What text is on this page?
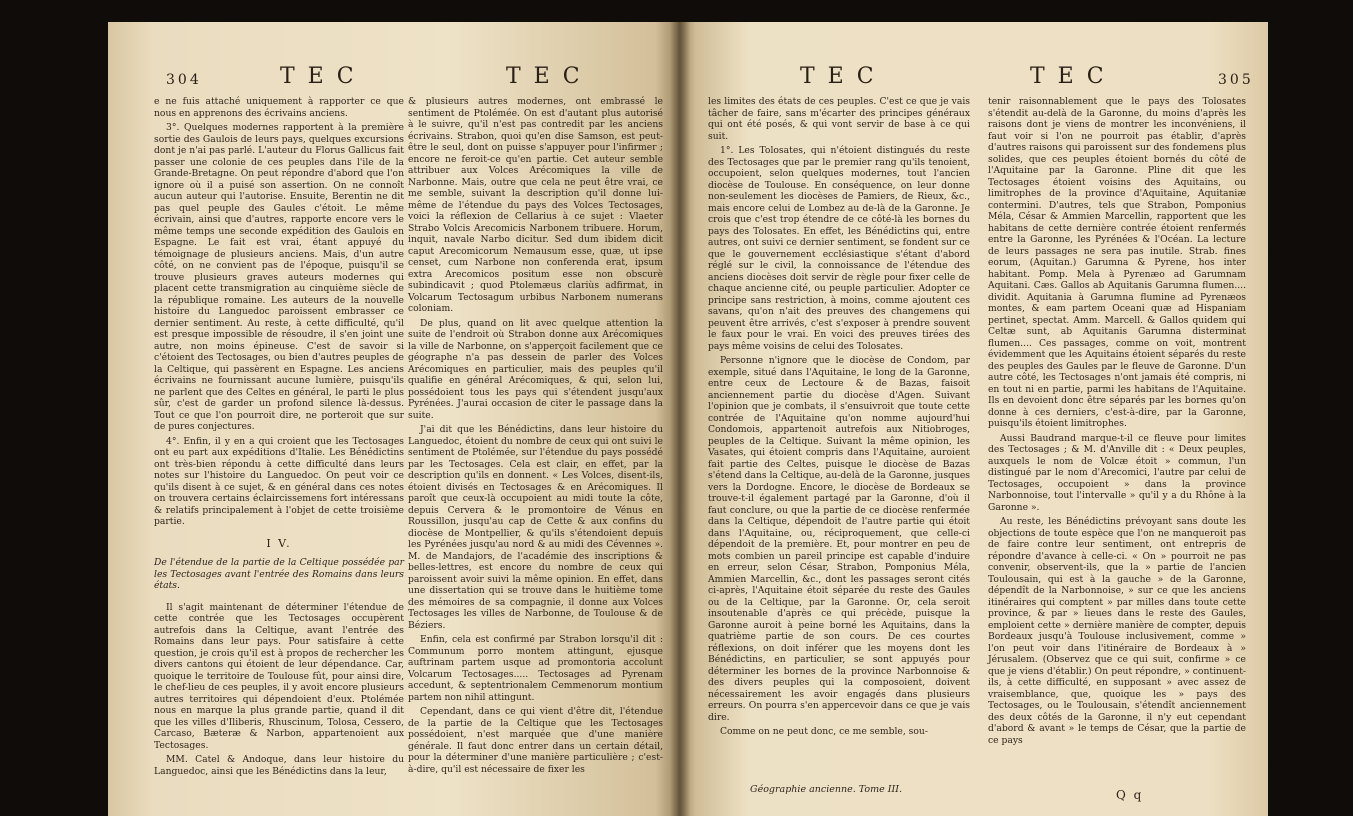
304	T E C	T E C

e ne fuis attaché uniquement à rapporter ce que nous en apprenons des écrivains anciens.

3°. Quelques modernes rapportent à la première sortie des Gaulois de leurs pays, quelques excursions dont je n'ai pas parlé. L'auteur du Florus Gallicus fait passer une colonie de ces peuples dans l'ile de la Grande-Bretagne. On peut répondre d'abord que l'on ignore où il a puisé son assertion. On ne connoît aucun auteur qui l'autorise. Ensuite, Berentin ne dit pas quel peuple des Gaules c'étoit. Le même écrivain, ainsi que d'autres, rapporte encore vers le même temps une seconde expédition des Gaulois en Espagne. Le fait est vrai, étant appuyé du témoignage de plusieurs anciens. Mais, d'un autre côté, on ne convient pas de l'époque, puisqu'il se trouve plusieurs graves auteurs modernes qui placent cette transmigration au cinquième siècle de la république romaine. Les auteurs de la nouvelle histoire du Languedoc paroissent embrasser ce dernier sentiment. Au reste, à cette difficulté, qu'il est presque impossible de résoudre, il s'en joint une autre, non moins épineuse. C'est de savoir si c'étoient des Tectosages, ou bien d'autres peuples de la Celtique, qui passèrent en Espagne. Les anciens écrivains ne fournissant aucune lumière, puisqu'ils ne parlent que des Celtes en général, le parti le plus sûr, c'est de garder un profond silence là-dessus. Tout ce que l'on pourroit dire, ne porteroit que sur de pures conjectures.

4°. Enfin, il y en a qui croient que les Tectosages ont eu part aux expéditions d'Italie. Les Bénédictins ont très-bien répondu à cette difficulté dans leurs notes sur l'histoire du Languedoc. On peut voir ce qu'ils disent à ce sujet, & en général dans ces notes on trouvera certains éclaircissemens fort intéressans & relatifs principalement à l'objet de cette troisième partie.

I V.

De l'étendue de la partie de la Celtique possédée par les Tectosages avant l'entrée des Romains dans leurs états.

Il s'agit maintenant de déterminer l'étendue de cette contrée que les Tectosages occupèrent autrefois dans la Celtique, avant l'entrée des Romains dans leur pays. Pour satisfaire à cette question, je crois qu'il est à propos de rechercher les divers cantons qui étoient de leur dépendance. Car, quoique le territoire de Toulouse fût, pour ainsi dire, le chef-lieu de ces peuples, il y avoit encore plusieurs autres territoires qui dépendoient d'eux. Ptolémée nous en marque la plus grande partie, quand il dit que les villes d'Iliberis, Rhuscinum, Tolosa, Cessero, Carcaso, Bæteræ & Narbon, appartenoient aux Tectosages.

MM. Catel & Andoque, dans leur histoire du Languedoc, ainsi que les Bénédictins dans la leur,

& plusieurs autres modernes, ont embrassé le sentiment de Ptolémée. On est d'autant plus autorisé à le suivre, qu'il n'est pas contredit par les anciens écrivains. Strabon, quoi qu'en dise Samson, est peut-être le seul, dont on puisse s'appuyer pour l'infirmer ; encore ne feroit-ce qu'en partie. Cet auteur semble attribuer aux Volces Arécomiques la ville de Narbonne. Mais, outre que cela ne peut être vrai, ce me semble, suivant la description qu'il donne lui-même de l'étendue du pays des Volces Tectosages, voici la réflexion de Cellarius à ce sujet : Vlaeter Strabo Volcis Arecomicis Narbonem tribuere. Horum, inquit, navale Narbo dicitur. Sed dum ibidem dicit caput Arecomicorum Nemausum esse, quæ, ut ipse censet, cum Narbone non conferenda erat, ipsum extra Arecomicos positum esse non obscurè subindicavit ; quod Ptolemæus clariùs adfirmat, in Volcarum Tectosagum urbibus Narbonem numerans coloniam.

De plus, quand on lit avec quelque attention la suite de l'endroit où Strabon donne aux Arécomiques la ville de Narbonne, on s'apperçoit facilement que ce géographe n'a pas dessein de parler des Volces Arécomiques en particulier, mais des peuples qu'il qualifie en général Arécomiques, & qui, selon lui, possédoient tous les pays qui s'étendent jusqu'aux Pyrénées. J'aurai occasion de citer le passage dans la suite.

J'ai dit que les Bénédictins, dans leur histoire du Languedoc, étoient du nombre de ceux qui ont suivi le sentiment de Ptolémée, sur l'étendue du pays possédé par les Tectosages. Cela est clair, en effet, par la description qu'ils en donnent. « Les Volces, disent-ils, étoient divisés en Tectosages & en Arécomiques. Il paroît que ceux-là occupoient au midi toute la côte, depuis Cervera & le promontoire de Vénus en Roussillon, jusqu'au cap de Cette & aux confins du diocèse de Montpellier, & qu'ils s'étendoient depuis les Pyrénées jusqu'au nord & au midi des Cévennes ». M. de Mandajors, de l'académie des inscriptions & belles-lettres, est encore du nombre de ceux qui paroissent avoir suivi la même opinion. En effet, dans une dissertation qui se trouve dans le huitième tome des mémoires de sa compagnie, il donne aux Volces Tectosages les villes de Narbonne, de Toulouse & de Béziers.

Enfin, cela est confirmé par Strabon lorsqu'il dit : Communum porro montem attingunt, ejusque auftrinam partem usque ad promontoria accolunt Volcarum Tectosages..... Tectosages ad Pyrenam accedunt, & septentrionalem Cemmenorum montium partem non nihil attingunt.

Cependant, dans ce qui vient d'être dit, l'étendue de la partie de la Celtique que les Tectosages possédoient, n'est marquée que d'une manière générale. Il faut donc entrer dans un certain détail, pour la déterminer d'une manière particulière ; c'est-à-dire, qu'il est nécessaire de fixer les

T E C	T E C	305

les limites des états de ces peuples. C'est ce que je vais tâcher de faire, sans m'écarter des principes généraux qui ont été posés, & qui vont servir de base à ce qui suit.

1°. Les Tolosates, qui n'étoient distingués du reste des Tectosages que par le premier rang qu'ils tenoient, occupoient, selon quelques modernes, tout l'ancien diocèse de Toulouse. En conséquence, on leur donne non-seulement les diocèses de Pamiers, de Rieux, &c., mais encore celui de Lombez au de-là de la Garonne. Je crois que c'est trop étendre de ce côté-là les bornes du pays des Tolosates. En effet, les Bénédictins qui, entre autres, ont suivi ce dernier sentiment, se fondent sur ce que le gouvernement ecclésiastique s'étant d'abord réglé sur le civil, la connoissance de l'étendue des anciens diocèses doit servir de règle pour fixer celle de chaque ancienne cité, ou peuple particulier. Adopter ce principe sans restriction, à moins, comme ajoutent ces savans, qu'on n'ait des preuves des changemens qui peuvent être arrivés, c'est s'exposer à prendre souvent le faux pour le vrai. En voici des preuves tirées des pays même voisins de celui des Tolosates.

Personne n'ignore que le diocèse de Condom, par exemple, situé dans l'Aquitaine, le long de la Garonne, entre ceux de Lectoure & de Bazas, faisoit anciennement partie du diocèse d'Agen. Suivant l'opinion que je combats, il s'ensuivroit que toute cette contrée de l'Aquitaine qu'on nomme aujourd'hui Condomois, appartenoit autrefois aux Nitiobroges, peuples de la Celtique. Suivant la même opinion, les Vasates, qui étoient compris dans l'Aquitaine, auroient fait partie des Celtes, puisque le diocèse de Bazas s'étend dans la Celtique, au-delà de la Garonne, jusques vers la Dordogne. Encore, le diocèse de Bordeaux se trouve-t-il également partagé par la Garonne, d'où il faut conclure, ou que la partie de ce diocèse renfermée dans la Celtique, dépendoit de l'autre partie qui étoit dans l'Aquitaine, ou, réciproquement, que celle-ci dépendoit de la première. Et, pour montrer en peu de mots combien un pareil principe est capable d'induire en erreur, selon César, Strabon, Pomponius Méla, Ammien Marcellin, &c., dont les passages seront cités ci-après, l'Aquitaine étoit séparée du reste des Gaules ou de la Celtique, par la Garonne. Or, cela seroit insoutenable d'après ce qui précède, puisque la Garonne auroit à peine borné les Aquitains, dans la quatrième partie de son cours. De ces courtes réflexions, on doit inférer que les moyens dont les Bénédictins, en particulier, se sont appuyés pour déterminer les bornes de la province Narbonnoise & des divers peuples qui la composoient, doivent nécessairement les avoir engagés dans plusieurs erreurs. On pourra s'en appercevoir dans ce que je vais dire.

Comme on ne peut donc, ce me semble, sou-

tenir raisonnablement que le pays des Tolosates s'étendit au-delà de la Garonne, du moins d'après les raisons dont je viens de montrer les inconvéniens, il faut voir si l'on ne pourroit pas établir, d'après d'autres raisons qui paroissent sur des fondemens plus solides, que ces peuples étoient bornés du côté de l'Aquitaine par la Garonne. Pline dit que les Tectosages étoient voisins des Aquitains, ou limitrophes de la province d'Aquitaine, Aquitaniæ contermini. D'autres, tels que Strabon, Pomponius Méla, César & Ammien Marcellin, rapportent que les habitans de cette dernière contrée étoient renfermés entre la Garonne, les Pyrénées & l'Océan. La lecture de leurs passages ne sera pas inutile. Strab. fines eorum, (Aquitan.) Garumna & Pyrene, hos inter habitant. Pomp. Mela à Pyrenæo ad Garumnam Aquitani. Cæs. Gallos ab Aquitanis Garumna flumen.... dividit. Aquitania à Garumna flumine ad Pyrenæos montes, & eam partem Oceani quæ ad Hispaniam pertinet, spectat. Amm. Marcell. & Gallos quidem qui Celtæ sunt, ab Aquitanis Garumna disterminat flumen.... Ces passages, comme on voit, montrent évidemment que les Aquitains étoient séparés du reste des peuples des Gaules par le fleuve de Garonne. D'un autre côté, les Tectosages n'ont jamais été compris, ni en tout ni en partie, parmi les habitans de l'Aquitaine. Ils en devoient donc être séparés par les bornes qu'on donne à ces derniers, c'est-à-dire, par la Garonne, puisqu'ils étoient limitrophes.

Aussi Baudrand marque-t-il ce fleuve pour limites des Tectosages ; & M. d'Anville dit : « Deux peuples, auxquels le nom de Volcæ étoit » commun, l'un distingué par le nom d'Arecomici, l'autre par celui de Tectosages, occupoient » dans la province Narbonnoise, tout l'intervalle » qu'il y a du Rhône à la Garonne ».

Au reste, les Bénédictins prévoyant sans doute les objections de toute espèce que l'on ne manqueroit pas de faire contre leur sentiment, ont entrepris de répondre d'avance à celle-ci. « On » pourroit ne pas convenir, observent-ils, que la » partie de l'ancien Toulousain, qui est à la gauche » de la Garonne, dépendît de la Narbonnoise, » sur ce que les anciens itinéraires qui comptent » par milles dans toute cette province, & par » lieues dans le reste des Gaules, emploient cette » dernière manière de compter, depuis Bordeaux jusqu'à Toulouse inclusivement, comme » l'on peut voir dans l'itinéraire de Bordeaux à » Jérusalem. (Observez que ce qui suit, confirme » ce que je viens d'établir.) On peut répondre, » continuent-ils, à cette difficulté, en supposant » avec assez de vraisemblance, que, quoique les » pays des Tectosages, ou le Toulousain, s'étendît anciennement des deux côtés de la Garonne, il n'y eut cependant d'abord & avant » le temps de César, que la partie de ce pays

Géographie ancienne. Tome III.	Q q
